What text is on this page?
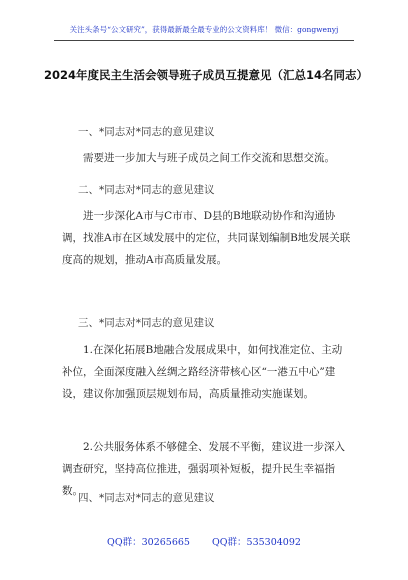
关注头条号“公文研究”，获得最新最全最专业的公文资料库！ 微信：gongwenyj
2024年度民主生活会领导班子成员互提意见（汇总14名同志）
一、*同志对*同志的意见建议

需要进一步加大与班子成员之间工作交流和思想交流。

二、*同志对*同志的意见建议

进一步深化A市与C市市、D县的B地联动协作和沟通协调，找准A市在区域发展中的定位，共同谋划编制B地发展关联度高的规划，推动A市高质量发展。

三、*同志对*同志的意见建议

1.在深化拓展B地融合发展成果中，如何找准定位、主动补位，全面深度融入丝绸之路经济带核心区“一港五中心”建设，建议你加强顶层规划布局，高质量推动实施谋划。

2.公共服务体系不够健全、发展不平衡，建议进一步深入调查研究，坚持高位推进，强弱项补短板，提升民生幸福指数。

四、*同志对*同志的意见建议
QQ群：30265665 QQ群：535304092
